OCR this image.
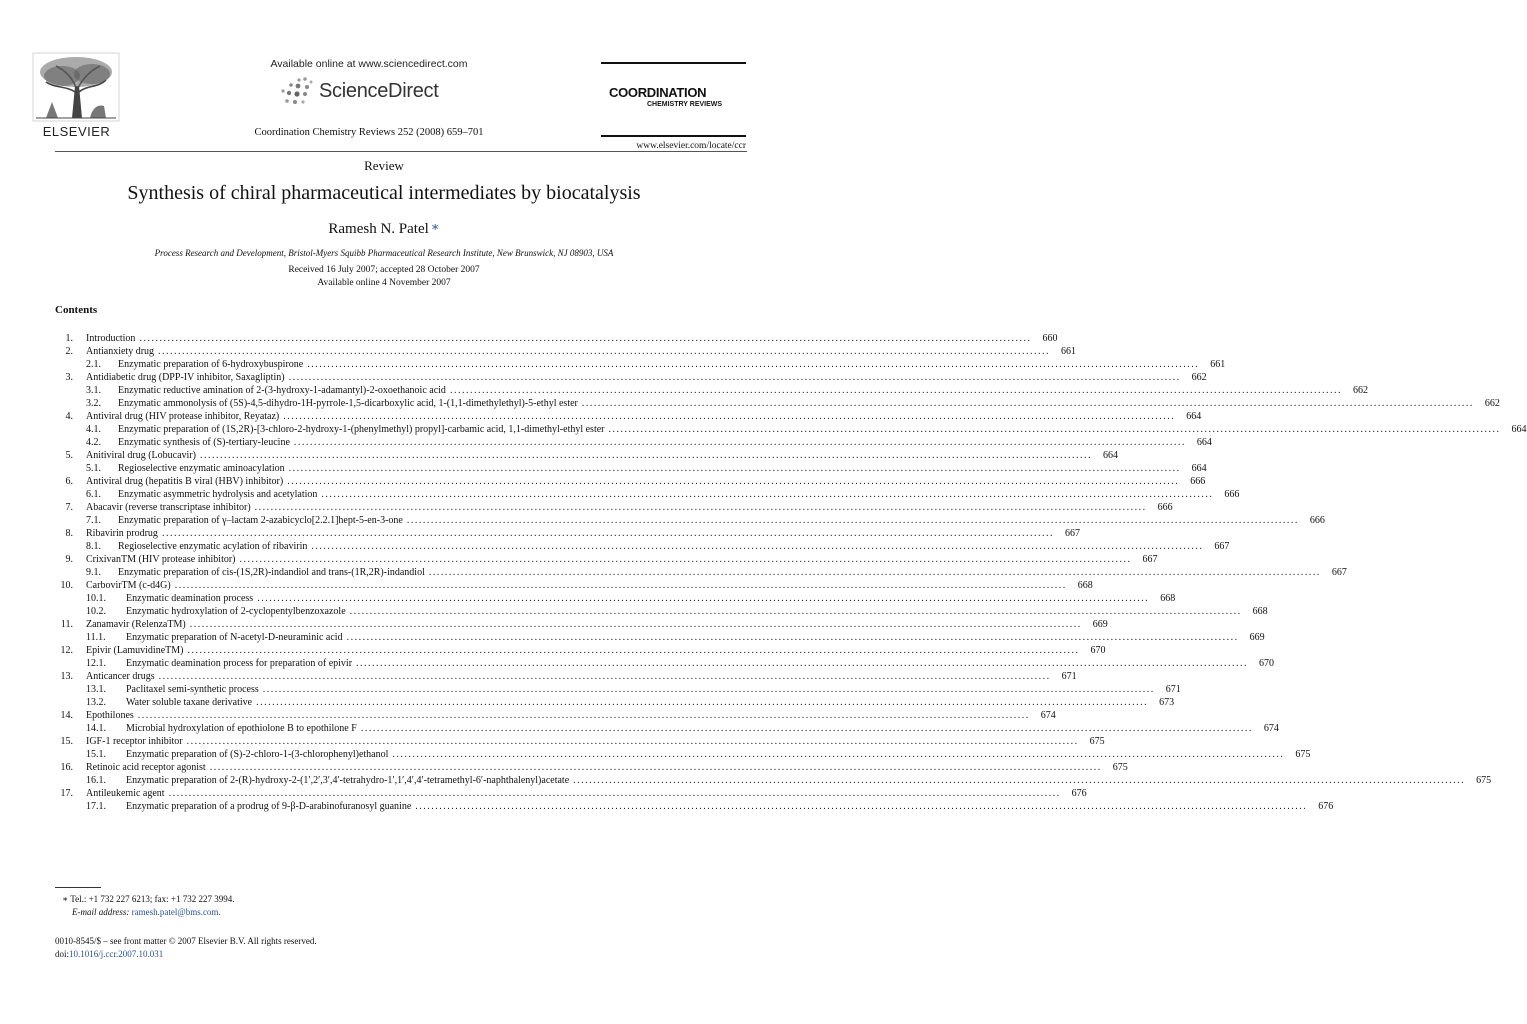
ELSEVIER
Available online at www.sciencedirect.com
ScienceDirect
Coordination Chemistry Reviews 252 (2008) 659–701
COORDINATION
CHEMISTRY REVIEWS
www.elsevier.com/locate/ccr
Review
Synthesis of chiral pharmaceutical intermediates by biocatalysis
Ramesh N. Patel ∗
Process Research and Development, Bristol-Myers Squibb Pharmaceutical Research Institute, New Brunswick, NJ 08903, USA
Received 16 July 2007; accepted 28 October 2007
Available online 4 November 2007
Contents
1. Introduction .....	660
2. Antianxiety drug .....	661
2.1.	Enzymatic preparation of 6-hydroxybuspirone .....	661
3. Antidiabetic drug (DPP-IV inhibitor, Saxagliptin) .....	662
3.1.	Enzymatic reductive amination of 2-(3-hydroxy-1-adamantyl)-2-oxoethanoic acid .....	662
3.2.	Enzymatic ammonolysis of (5S)-4,5-dihydro-1H-pyrrole-1,5-dicarboxylic acid, 1-(1,1-dimethylethyl)-5-ethyl ester .....	662
4. Antiviral drug (HIV protease inhibitor, Reyataz) .....	664
4.1.	Enzymatic preparation of (1S,2R)-[3-chloro-2-hydroxy-1-(phenylmethyl) propyl]-carbamic acid, 1,1-dimethyl-ethyl ester .....	664
4.2.	Enzymatic synthesis of (S)-tertiary-leucine .....	664
5. Anitiviral drug (Lobucavir) .....	664
5.1.	Regioselective enzymatic aminoacylation .....	664
6. Antiviral drug (hepatitis B viral (HBV) inhibitor) .....	666
6.1.	Enzymatic asymmetric hydrolysis and acetylation .....	666
7. Abacavir (reverse transcriptase inhibitor) .....	666
7.1.	Enzymatic preparation of γ–lactam 2-azabicyclo[2.2.1]hept-5-en-3-one .....	666
8. Ribavirin prodrug .....	667
8.1.	Regioselective enzymatic acylation of ribavirin .....	667
9. CrixivanTM (HIV protease inhibitor) .....	667
9.1.	Enzymatic preparation of cis-(1S,2R)-indandiol and trans-(1R,2R)-indandiol .....	667
10. CarbovirTM (c-d4G) .....	668
10.1.	Enzymatic deamination process .....	668
10.2.	Enzymatic hydroxylation of 2-cyclopentylbenzoxazole .....	668
11. Zanamavir (RelenzaTM) .....	669
11.1.	Enzymatic preparation of N-acetyl-D-neuraminic acid .....	669
12. Epivir (LamuvidineTM) .....	670
12.1.	Enzymatic deamination process for preparation of epivir .....	670
13. Anticancer drugs .....	671
13.1.	Paclitaxel semi-synthetic process .....	671
13.2.	Water soluble taxane derivative .....	673
14. Epothilones .....	674
14.1.	Microbial hydroxylation of epothiolone B to epothilone F .....	674
15. IGF-1 receptor inhibitor .....	675
15.1.	Enzymatic preparation of (S)-2-chloro-1-(3-chlorophenyl)ethanol .....	675
16. Retinoic acid receptor agonist .....	675
16.1.	Enzymatic preparation of 2-(R)-hydroxy-2-(1′,2′,3′,4′-tetrahydro-1′,1′,4′,4′-tetramethyl-6′-naphthalenyl)acetate .....	675
17. Antileukemic agent .....	676
17.1.	Enzymatic preparation of a prodrug of 9-β-D-arabinofuranosyl guanine .....	676
∗ Tel.: +1 732 227 6213; fax: +1 732 227 3994.
E-mail address: ramesh.patel@bms.com.
0010-8545/$ – see front matter © 2007 Elsevier B.V. All rights reserved.
doi:10.1016/j.ccr.2007.10.031
